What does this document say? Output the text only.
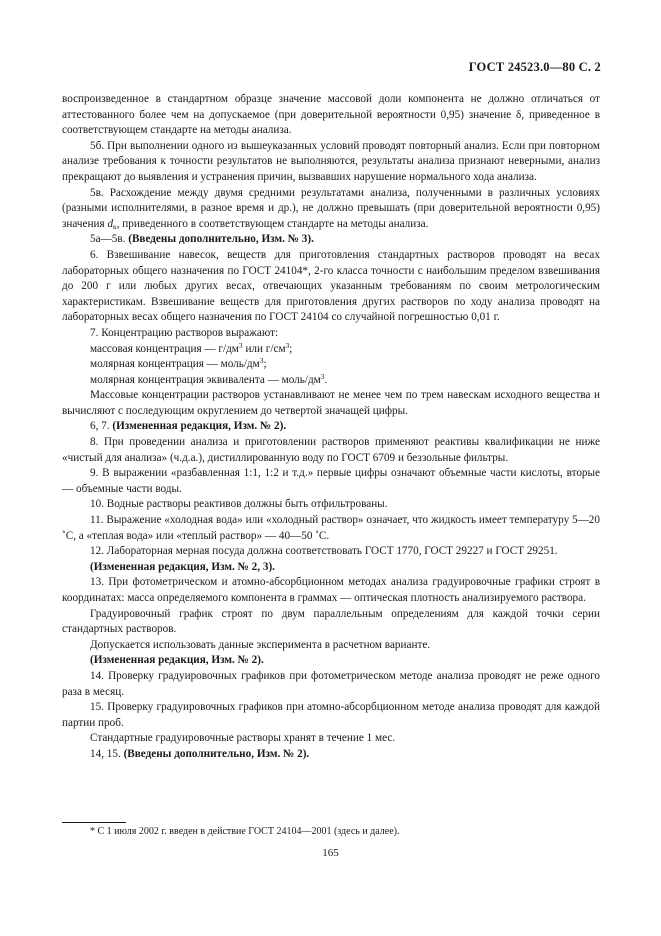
ГОСТ 24523.0—80 С. 2

воспроизведенное в стандартном образце значение массовой доли компонента не должно отличаться от аттестованного более чем на допускаемое (при доверительной вероятности 0,95) значение δ, приведенное в соответствующем стандарте на методы анализа.

5б. При выполнении одного из вышеуказанных условий проводят повторный анализ. Если при повторном анализе требования к точности результатов не выполняются, результаты анализа признают неверными, анализ прекращают до выявления и устранения причин, вызвавших нарушение нормального хода анализа.

5в. Расхождение между двумя средними результатами анализа, полученными в различных условиях (разными исполнителями, в разное время и др.), не должно превышать (при доверительной вероятности 0,95) значения $d_к$, приведенного в соответствующем стандарте на методы анализа.

5а—5в. (Введены дополнительно, Изм. № 3).

6. Взвешивание навесок, веществ для приготовления стандартных растворов проводят на весах лабораторных общего назначения по ГОСТ 24104*, 2-го класса точности с наибольшим пределом взвешивания до 200 г или любых других весах, отвечающих указанным требованиям по своим метрологическим характеристикам. Взвешивание веществ для приготовления других растворов по ходу анализа проводят на лабораторных весах общего назначения по ГОСТ 24104 со случайной погрешностью 0,01 г.

7. Концентрацию растворов выражают:

массовая концентрация — $г/дм^3$ или $г/см^3$;

молярная концентрация — моль/$дм^3$;

молярная концентрация эквивалента — моль/$дм^3$.

Массовые концентрации растворов устанавливают не менее чем по трем навескам исходного вещества и вычисляют с последующим округлением до четвертой значащей цифры.

6, 7. (Измененная редакция, Изм. № 2).

8. При проведении анализа и приготовлении растворов применяют реактивы квалификации не ниже «чистый для анализа» (ч.д.а.), дистиллированную воду по ГОСТ 6709 и беззольные фильтры.

9. В выражении «разбавленная 1:1, 1:2 и т.д.» первые цифры означают объемные части кислоты, вторые — объемные части воды.

10. Водные растворы реактивов должны быть отфильтрованы.

11. Выражение «холодная вода» или «холодный раствор» означает, что жидкость имеет температуру 5—20 ˚С, а «теплая вода» или «теплый раствор» — 40—50 ˚С.

12. Лабораторная мерная посуда должна соответствовать ГОСТ 1770, ГОСТ 29227 и ГОСТ 29251.

(Измененная редакция, Изм. № 2, 3).

13. При фотометрическом и атомно-абсорбционном методах анализа градуировочные графики строят в координатах: масса определяемого компонента в граммах — оптическая плотность анализируемого раствора.

Градуировочный график строят по двум параллельным определениям для каждой точки серии стандартных растворов.

Допускается использовать данные эксперимента в расчетном варианте.

(Измененная редакция, Изм. № 2).

14. Проверку градуировочных графиков при фотометрическом методе анализа проводят не реже одного раза в месяц.

15. Проверку градуировочных графиков при атомно-абсорбционном методе анализа проводят для каждой партии проб.

Стандартные градуировочные растворы хранят в течение 1 мес.

14, 15. (Введены дополнительно, Изм. № 2).

* С 1 июля 2002 г. введен в действие ГОСТ 24104—2001 (здесь и далее).
165
